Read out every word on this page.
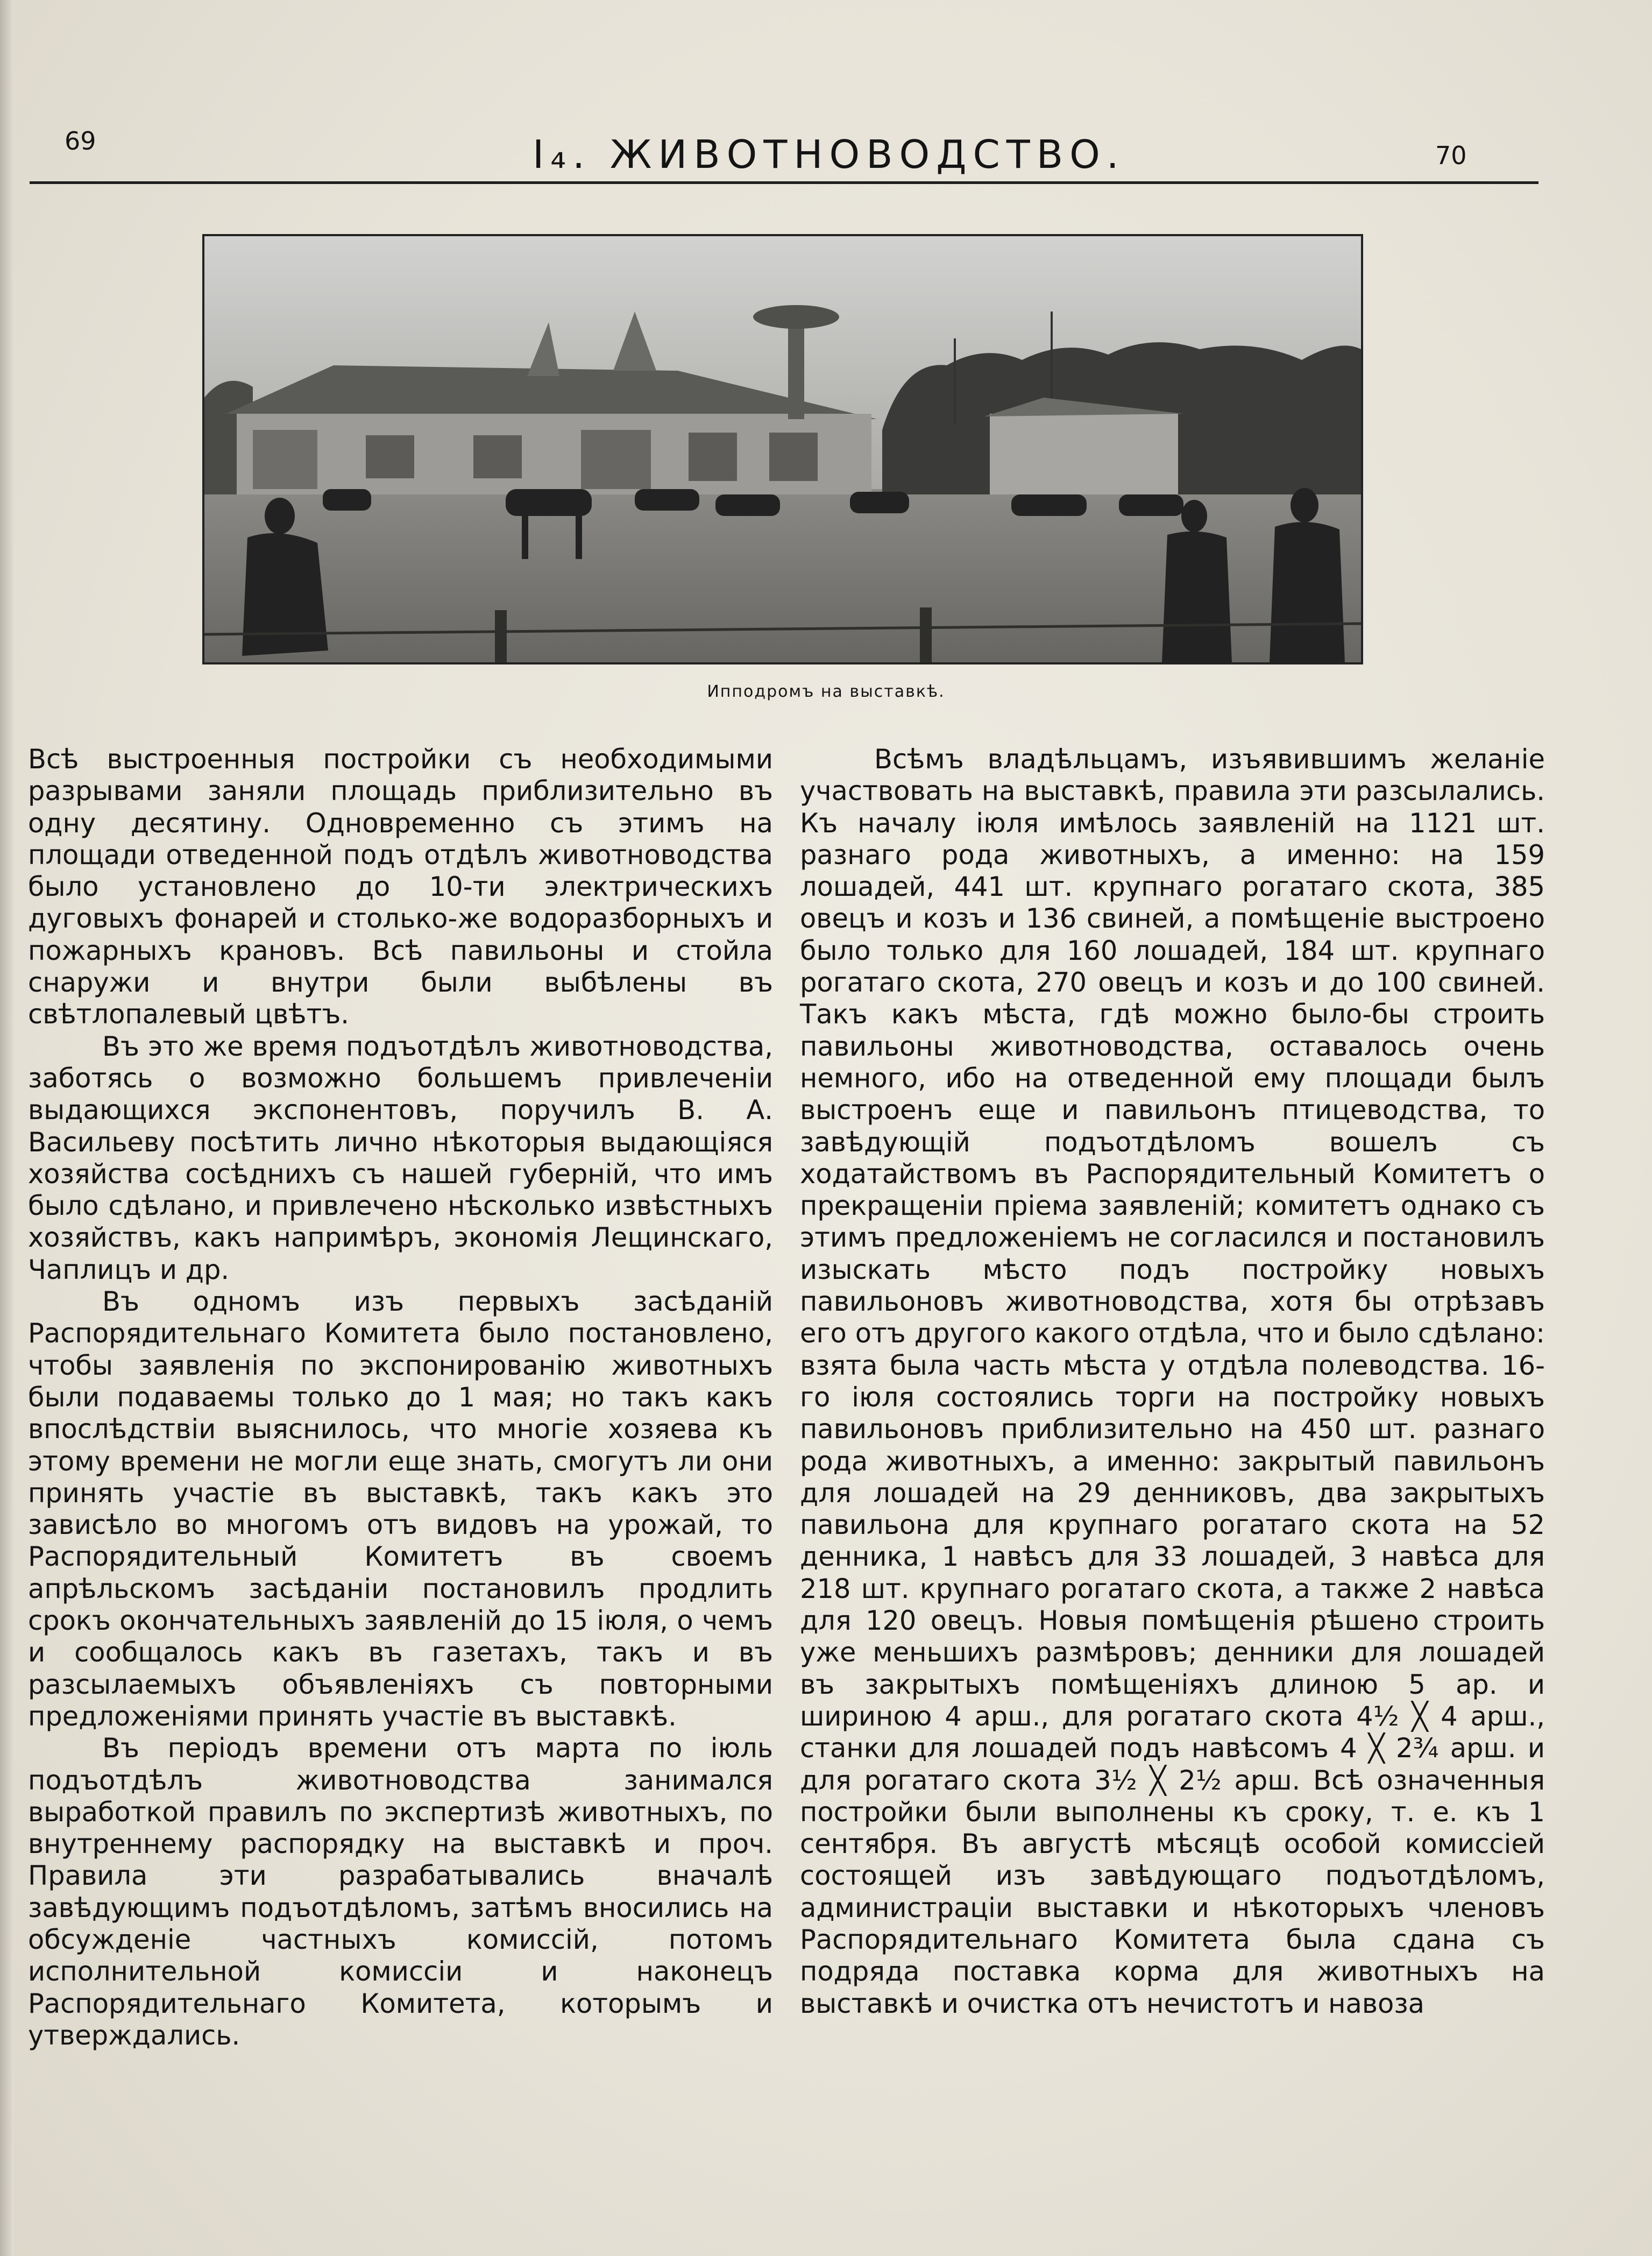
69	I₄. ЖИВОТНОВОДСТВО.	70
Ипподромъ на выставкѣ.

Всѣ выстроенныя постройки съ необходимыми разрывами заняли площадь приблизительно въ одну десятину. Одновременно съ этимъ на площади отведенной подъ отдѣлъ животноводства было установлено до 10-ти электрическихъ дуговыхъ фонарей и столько-же водоразборныхъ и пожарныхъ крановъ. Всѣ павильоны и стойла снаружи и внутри были выбѣлены въ свѣтлопалевый цвѣтъ.

Въ это же время подъотдѣлъ животноводства, заботясь о возможно большемъ привлеченіи выдающихся экспонентовъ, поручилъ В. А. Васильеву посѣтить лично нѣкоторыя выдающіяся хозяйства сосѣднихъ съ нашей губерній, что имъ было сдѣлано, и привлечено нѣсколько извѣстныхъ хозяйствъ, какъ напримѣръ, экономія Лещинскаго, Чаплицъ и др.

Въ одномъ изъ первыхъ засѣданій Распорядительнаго Комитета было постановлено, чтобы заявленія по экспонированію животныхъ были подаваемы только до 1 мая; но такъ какъ впослѣдствіи выяснилось, что многіе хозяева къ этому времени не могли еще знать, смогутъ ли они принять участіе въ выставкѣ, такъ какъ это зависѣло во многомъ отъ видовъ на урожай, то Распорядительный Комитетъ въ своемъ апрѣльскомъ засѣданіи постановилъ продлить срокъ окончательныхъ заявленій до 15 іюля, о чемъ и сообщалось какъ въ газетахъ, такъ и въ разсылаемыхъ объявленіяхъ съ повторными предложеніями принять участіе въ выставкѣ.

Въ періодъ времени отъ марта по іюль подъотдѣлъ животноводства занимался выработкой правилъ по экспертизѣ животныхъ, по внутреннему распорядку на выставкѣ и проч. Правила эти разрабатывались вначалѣ завѣдующимъ подъотдѣломъ, затѣмъ вносились на обсужденіе частныхъ комиссій, потомъ исполнительной комиссіи и наконецъ Распорядительнаго Комитета, которымъ и утверждались.

Всѣмъ владѣльцамъ, изъявившимъ желаніе участвовать на выставкѣ, правила эти разсылались. Къ началу іюля имѣлось заявленій на 1121 шт. разнаго рода животныхъ, а именно: на 159 лошадей, 441 шт. крупнаго рогатаго скота, 385 овецъ и козъ и 136 свиней, а помѣщеніе выстроено было только для 160 лошадей, 184 шт. крупнаго рогатаго скота, 270 овецъ и козъ и до 100 свиней. Такъ какъ мѣста, гдѣ можно было-бы строить павильоны животноводства, оставалось очень немного, ибо на отведенной ему площади былъ выстроенъ еще и павильонъ птицеводства, то завѣдующій подъотдѣломъ вошелъ съ ходатайствомъ въ Распорядительный Комитетъ о прекращеніи пріема заявленій; комитетъ однако съ этимъ предложеніемъ не согласился и постановилъ изыскать мѣсто подъ постройку новыхъ павильоновъ животноводства, хотя бы отрѣзавъ его отъ другого какого отдѣла, что и было сдѣлано: взята была часть мѣста у отдѣла полеводства. 16-го іюля состоялись торги на постройку новыхъ павильоновъ приблизительно на 450 шт. разнаго рода животныхъ, а именно: закрытый павильонъ для лошадей на 29 денниковъ, два закрытыхъ павильона для крупнаго рогатаго скота на 52 денника, 1 навѣсъ для 33 лошадей, 3 навѣса для 218 шт. крупнаго рогатаго скота, а также 2 навѣса для 120 овецъ. Новыя помѣщенія рѣшено строить уже меньшихъ размѣровъ; денники для лошадей въ закрытыхъ помѣщеніяхъ длиною 5 ар. и шириною 4 арш., для рогатаго скота 4½ ╳ 4 арш., станки для лошадей подъ навѣсомъ 4 ╳ 2¾ арш. и для рогатаго скота 3½ ╳ 2½ арш. Всѣ означенныя постройки были выполнены къ сроку, т. е. къ 1 сентября. Въ августѣ мѣсяцѣ особой комиссіей состоящей изъ завѣдующаго подъотдѣломъ, администраціи выставки и нѣкоторыхъ членовъ Распорядительнаго Комитета была сдана съ подряда поставка корма для животныхъ на выставкѣ и очистка отъ нечистотъ и навоза
